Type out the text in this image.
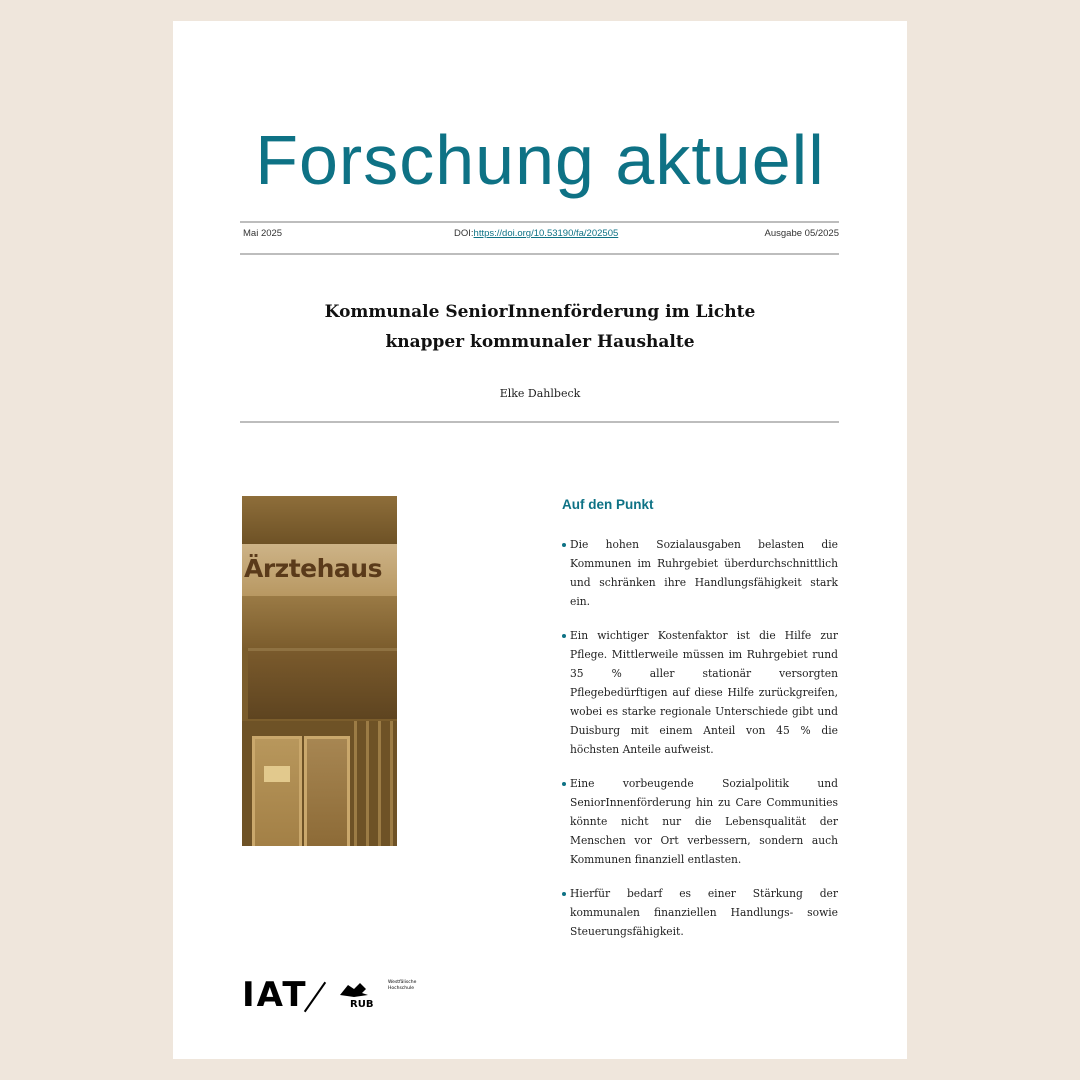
Forschung aktuell
Mai 2025	DOI:https://doi.org/10.53190/fa/202505	Ausgabe 05/2025
Kommunale SeniorInnenförderung im Lichte
knapper kommunaler Haushalte
Elke Dahlbeck
Ärztehaus
Auf den Punkt
Die hohen Sozialausgaben belasten die Kommunen im Ruhrgebiet überdurchschnittlich und schränken ihre Handlungsfähigkeit stark ein.
Ein wichtiger Kostenfaktor ist die Hilfe zur Pflege. Mittlerweile müssen im Ruhrgebiet rund 35 % aller stationär versorgten Pflegebedürftigen auf diese Hilfe zurückgreifen, wobei es starke regionale Unterschiede gibt und Duisburg mit einem Anteil von 45 % die höchsten Anteile aufweist.
Eine vorbeugende Sozialpolitik und SeniorInnenförderung hin zu Care Communities könnte nicht nur die Lebensqualität der Menschen vor Ort verbessern, sondern auch Kommunen finanziell entlasten.
Hierfür bedarf es einer Stärkung der kommunalen finanziellen Handlungs- sowie Steuerungsfähigkeit.
IAT	RUB
Westfälische Hochschule
